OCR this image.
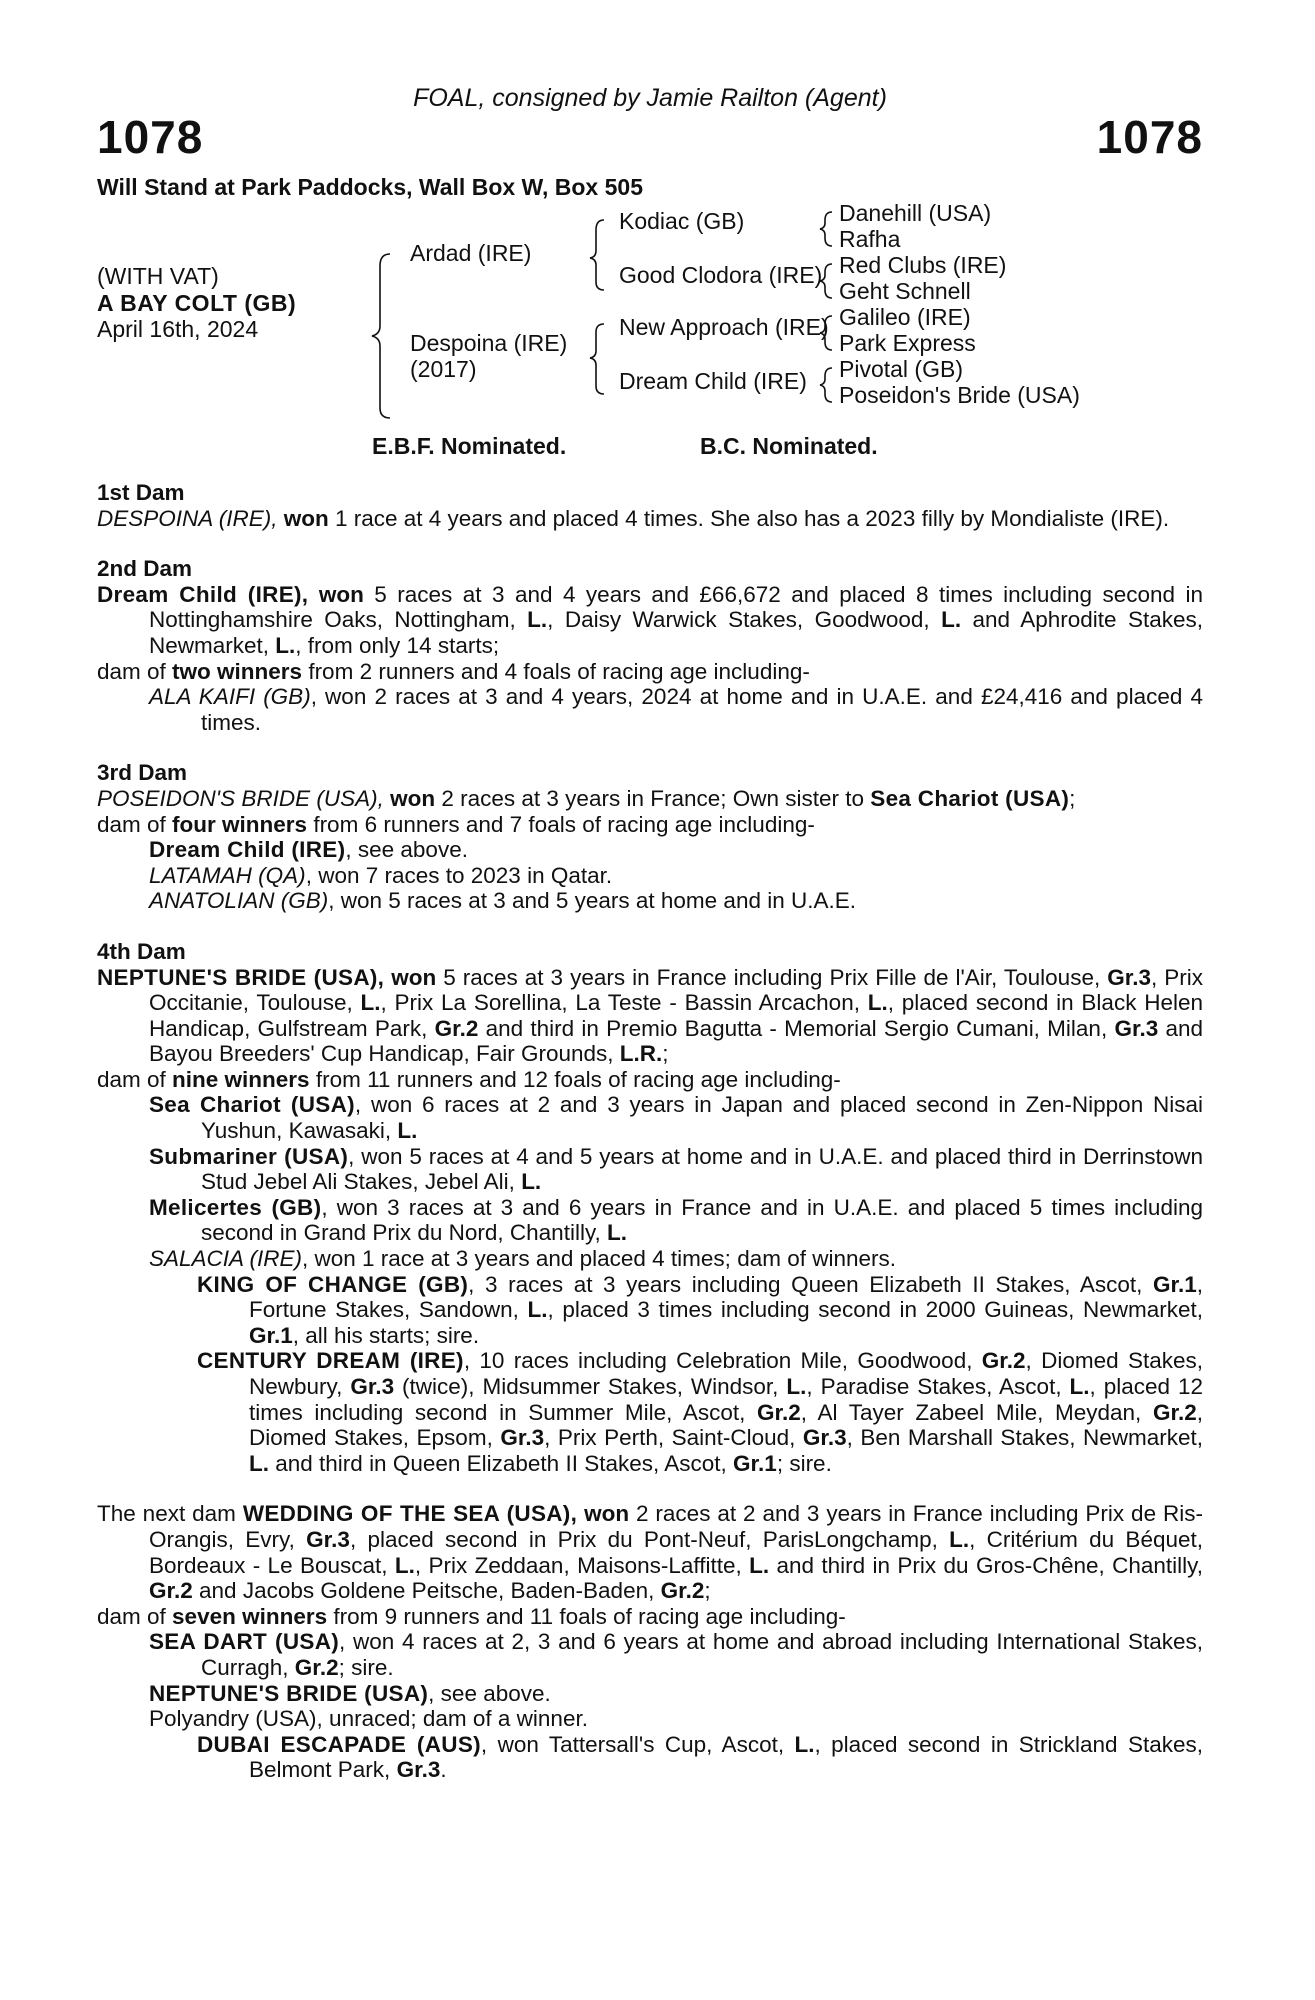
FOAL, consigned by Jamie Railton (Agent)
1078	1078
Will Stand at Park Paddocks, Wall Box W, Box 505
(WITH VAT)
A BAY COLT (GB)
April 16th, 2024
Ardad (IRE)
Despoina (IRE)
(2017)
Kodiac (GB)
Good Clodora (IRE)
New Approach (IRE)
Dream Child (IRE)
Danehill (USA)
Rafha
Red Clubs (IRE)
Geht Schnell
Galileo (IRE)
Park Express
Pivotal (GB)
Poseidon's Bride (USA)
E.B.F. Nominated.	B.C. Nominated.

1st Dam

DESPOINA (IRE), won 1 race at 4 years and placed 4 times. She also has a 2023 filly by Mondialiste (IRE).

2nd Dam

Dream Child (IRE), won 5 races at 3 and 4 years and £66,672 and placed 8 times including second in Nottinghamshire Oaks, Nottingham, L., Daisy Warwick Stakes, Goodwood, L. and Aphrodite Stakes, Newmarket, L., from only 14 starts;

dam of two winners from 2 runners and 4 foals of racing age including-

ALA KAIFI (GB), won 2 races at 3 and 4 years, 2024 at home and in U.A.E. and £24,416 and placed 4 times.

3rd Dam

POSEIDON'S BRIDE (USA), won 2 races at 3 years in France; Own sister to Sea Chariot (USA);

dam of four winners from 6 runners and 7 foals of racing age including-

Dream Child (IRE), see above.

LATAMAH (QA), won 7 races to 2023 in Qatar.

ANATOLIAN (GB), won 5 races at 3 and 5 years at home and in U.A.E.

4th Dam

NEPTUNE'S BRIDE (USA), won 5 races at 3 years in France including Prix Fille de l'Air, Toulouse, Gr.3, Prix Occitanie, Toulouse, L., Prix La Sorellina, La Teste - Bassin Arcachon, L., placed second in Black Helen Handicap, Gulfstream Park, Gr.2 and third in Premio Bagutta - Memorial Sergio Cumani, Milan, Gr.3 and Bayou Breeders' Cup Handicap, Fair Grounds, L.R.;

dam of nine winners from 11 runners and 12 foals of racing age including-

Sea Chariot (USA), won 6 races at 2 and 3 years in Japan and placed second in Zen-Nippon Nisai Yushun, Kawasaki, L.

Submariner (USA), won 5 races at 4 and 5 years at home and in U.A.E. and placed third in Derrinstown Stud Jebel Ali Stakes, Jebel Ali, L.

Melicertes (GB), won 3 races at 3 and 6 years in France and in U.A.E. and placed 5 times including second in Grand Prix du Nord, Chantilly, L.

SALACIA (IRE), won 1 race at 3 years and placed 4 times; dam of winners.

KING OF CHANGE (GB), 3 races at 3 years including Queen Elizabeth II Stakes, Ascot, Gr.1, Fortune Stakes, Sandown, L., placed 3 times including second in 2000 Guineas, Newmarket, Gr.1, all his starts; sire.

CENTURY DREAM (IRE), 10 races including Celebration Mile, Goodwood, Gr.2, Diomed Stakes, Newbury, Gr.3 (twice), Midsummer Stakes, Windsor, L., Paradise Stakes, Ascot, L., placed 12 times including second in Summer Mile, Ascot, Gr.2, Al Tayer Zabeel Mile, Meydan, Gr.2, Diomed Stakes, Epsom, Gr.3, Prix Perth, Saint-Cloud, Gr.3, Ben Marshall Stakes, Newmarket, L. and third in Queen Elizabeth II Stakes, Ascot, Gr.1; sire.

The next dam WEDDING OF THE SEA (USA), won 2 races at 2 and 3 years in France including Prix de Ris-Orangis, Evry, Gr.3, placed second in Prix du Pont-Neuf, ParisLongchamp, L., Critérium du Béquet, Bordeaux - Le Bouscat, L., Prix Zeddaan, Maisons-Laffitte, L. and third in Prix du Gros-Chêne, Chantilly, Gr.2 and Jacobs Goldene Peitsche, Baden-Baden, Gr.2;

dam of seven winners from 9 runners and 11 foals of racing age including-

SEA DART (USA), won 4 races at 2, 3 and 6 years at home and abroad including International Stakes, Curragh, Gr.2; sire.

NEPTUNE'S BRIDE (USA), see above.

Polyandry (USA), unraced; dam of a winner.

DUBAI ESCAPADE (AUS), won Tattersall's Cup, Ascot, L., placed second in Strickland Stakes, Belmont Park, Gr.3.
